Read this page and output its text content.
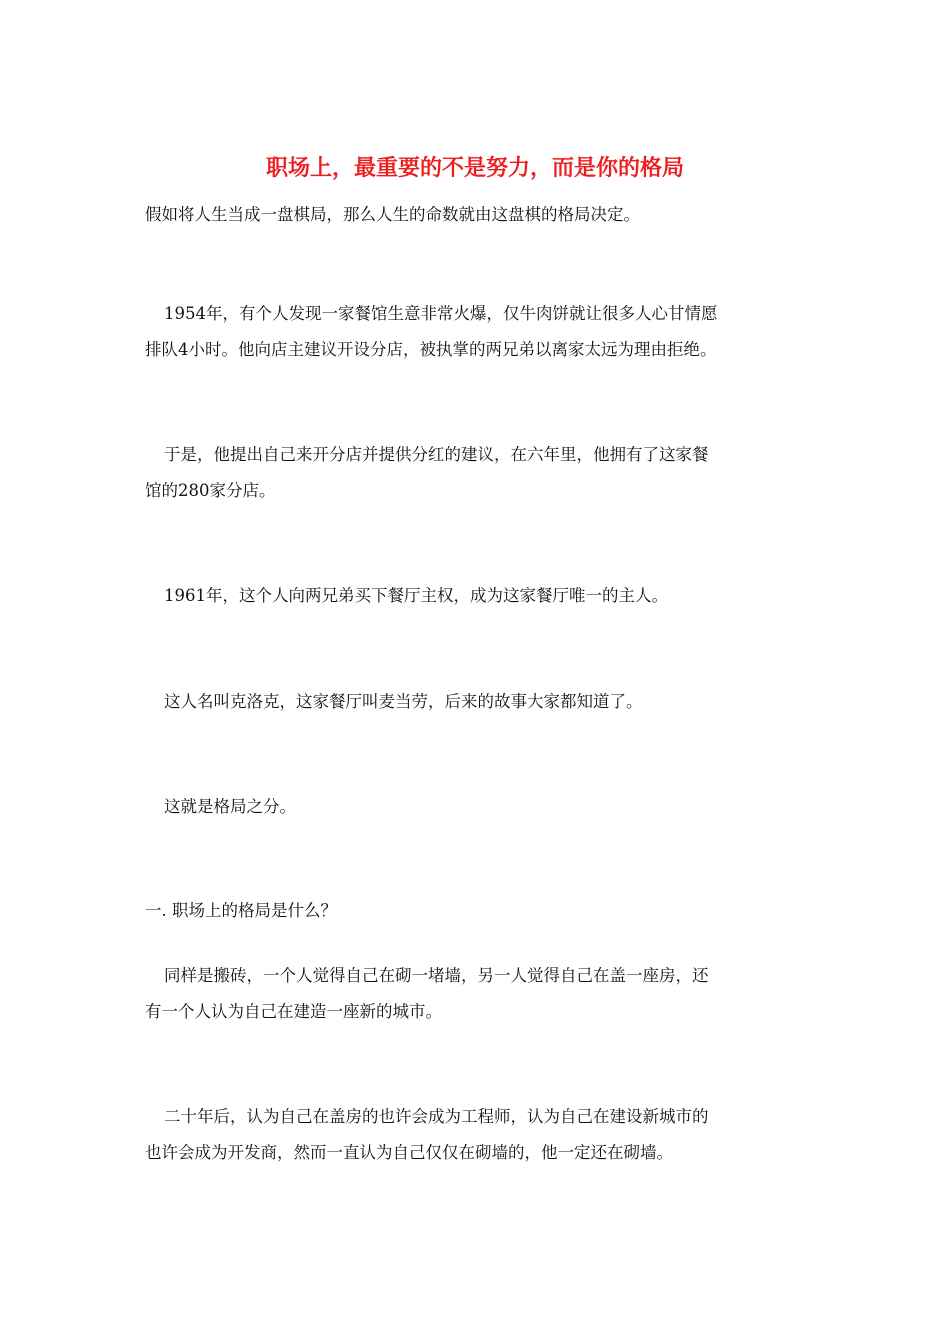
职场上，最重要的不是努力，而是你的格局

假如将人生当成一盘棋局，那么人生的命数就由这盘棋的格局决定。

1954年，有个人发现一家餐馆生意非常火爆，仅牛肉饼就让很多人心甘情愿
排队4小时。他向店主建议开设分店，被执掌的两兄弟以离家太远为理由拒绝。

于是，他提出自己来开分店并提供分红的建议，在六年里，他拥有了这家餐
馆的280家分店。

1961年，这个人向两兄弟买下餐厅主权，成为这家餐厅唯一的主人。

这人名叫克洛克，这家餐厅叫麦当劳，后来的故事大家都知道了。

这就是格局之分。

一. 职场上的格局是什么？

同样是搬砖，一个人觉得自己在砌一堵墙，另一人觉得自己在盖一座房，还
有一个人认为自己在建造一座新的城市。

二十年后，认为自己在盖房的也许会成为工程师，认为自己在建设新城市的
也许会成为开发商，然而一直认为自己仅仅在砌墙的，他一定还在砌墙。
